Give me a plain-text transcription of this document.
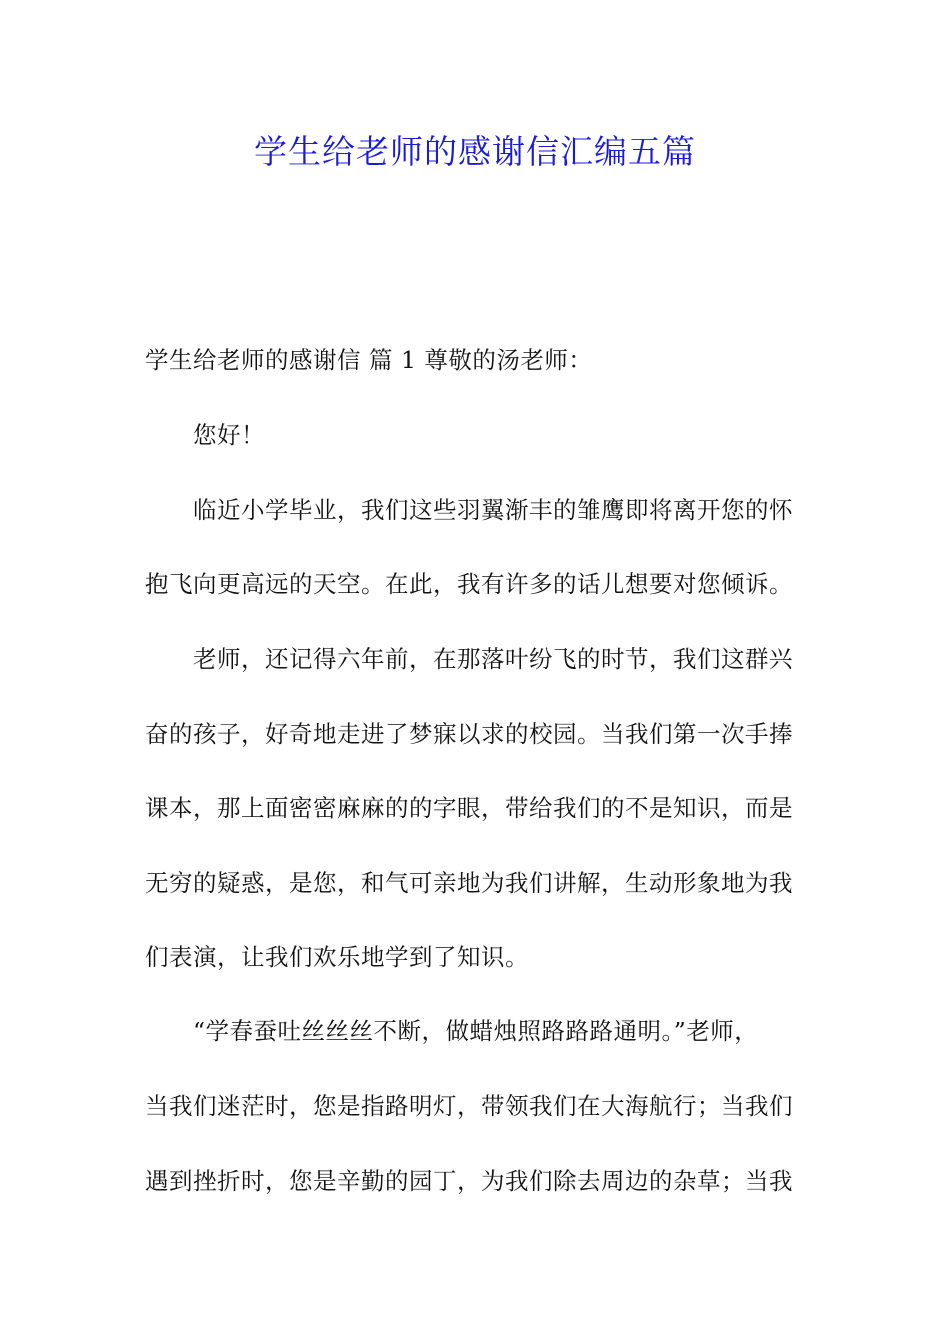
学生给老师的感谢信汇编五篇
学生给老师的感谢信 篇 1 尊敬的汤老师：
您好！
临近小学毕业，我们这些羽翼渐丰的雏鹰即将离开您的怀
抱飞向更高远的天空。在此，我有许多的话儿想要对您倾诉。
老师，还记得六年前，在那落叶纷飞的时节，我们这群兴
奋的孩子，好奇地走进了梦寐以求的校园。当我们第一次手捧
课本，那上面密密麻麻的的字眼，带给我们的不是知识，而是
无穷的疑惑，是您，和气可亲地为我们讲解，生动形象地为我
们表演，让我们欢乐地学到了知识。
“学春蚕吐丝丝丝不断，做蜡烛照路路路通明。”老师，
当我们迷茫时，您是指路明灯，带领我们在大海航行；当我们
遇到挫折时，您是辛勤的园丁，为我们除去周边的杂草；当我
